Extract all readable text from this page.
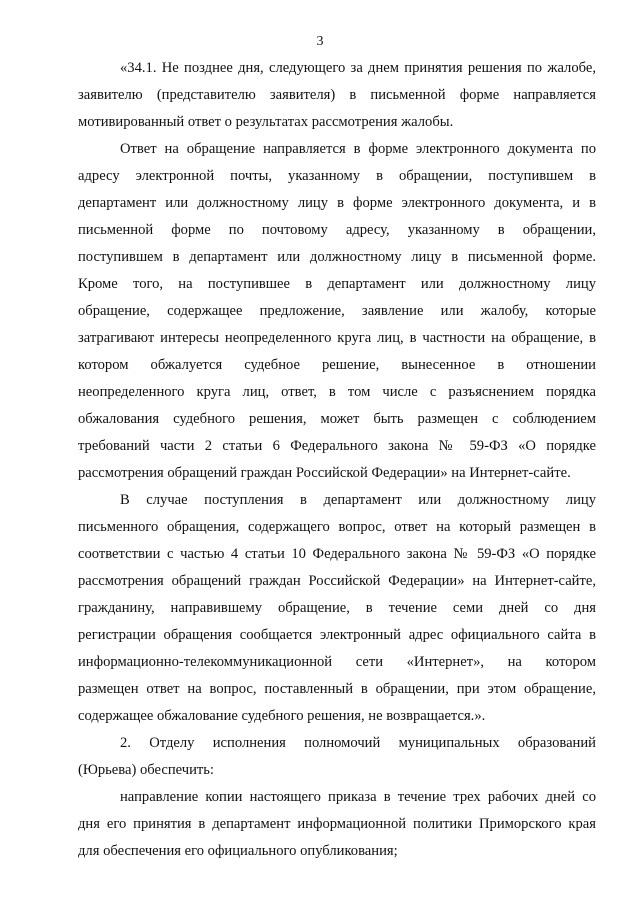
3
«34.1. Не позднее дня, следующего за днем принятия решения по жалобе,
заявителю (представителю заявителя) в письменной форме направляется
мотивированный ответ о результатах рассмотрения жалобы.
Ответ на обращение направляется в форме электронного документа по
адресу электронной почты, указанному в обращении, поступившем в
департамент или должностному лицу в форме электронного документа, и в
письменной форме по почтовому адресу, указанному в обращении,
поступившем в департамент или должностному лицу в письменной форме.
Кроме того, на поступившее в департамент или должностному лицу
обращение, содержащее предложение, заявление или жалобу, которые
затрагивают интересы неопределенного круга лиц, в частности на обращение, в
котором обжалуется судебное решение, вынесенное в отношении
неопределенного круга лиц, ответ, в том числе с разъяснением порядка
обжалования судебного решения, может быть размещен с соблюдением
требований части 2 статьи 6 Федерального закона № 59-ФЗ «О порядке
рассмотрения обращений граждан Российской Федерации» на Интернет-сайте.
В случае поступления в департамент или должностному лицу
письменного обращения, содержащего вопрос, ответ на который размещен в
соответствии с частью 4 статьи 10 Федерального закона № 59-ФЗ «О порядке
рассмотрения обращений граждан Российской Федерации» на Интернет-сайте,
гражданину, направившему обращение, в течение семи дней со дня
регистрации обращения сообщается электронный адрес официального сайта в
информационно-телекоммуникационной сети «Интернет», на котором
размещен ответ на вопрос, поставленный в обращении, при этом обращение,
содержащее обжалование судебного решения, не возвращается.».
2. Отделу исполнения полномочий муниципальных образований
(Юрьева) обеспечить:
направление копии настоящего приказа в течение трех рабочих дней со
дня его принятия в департамент информационной политики Приморского края
для обеспечения его официального опубликования;
